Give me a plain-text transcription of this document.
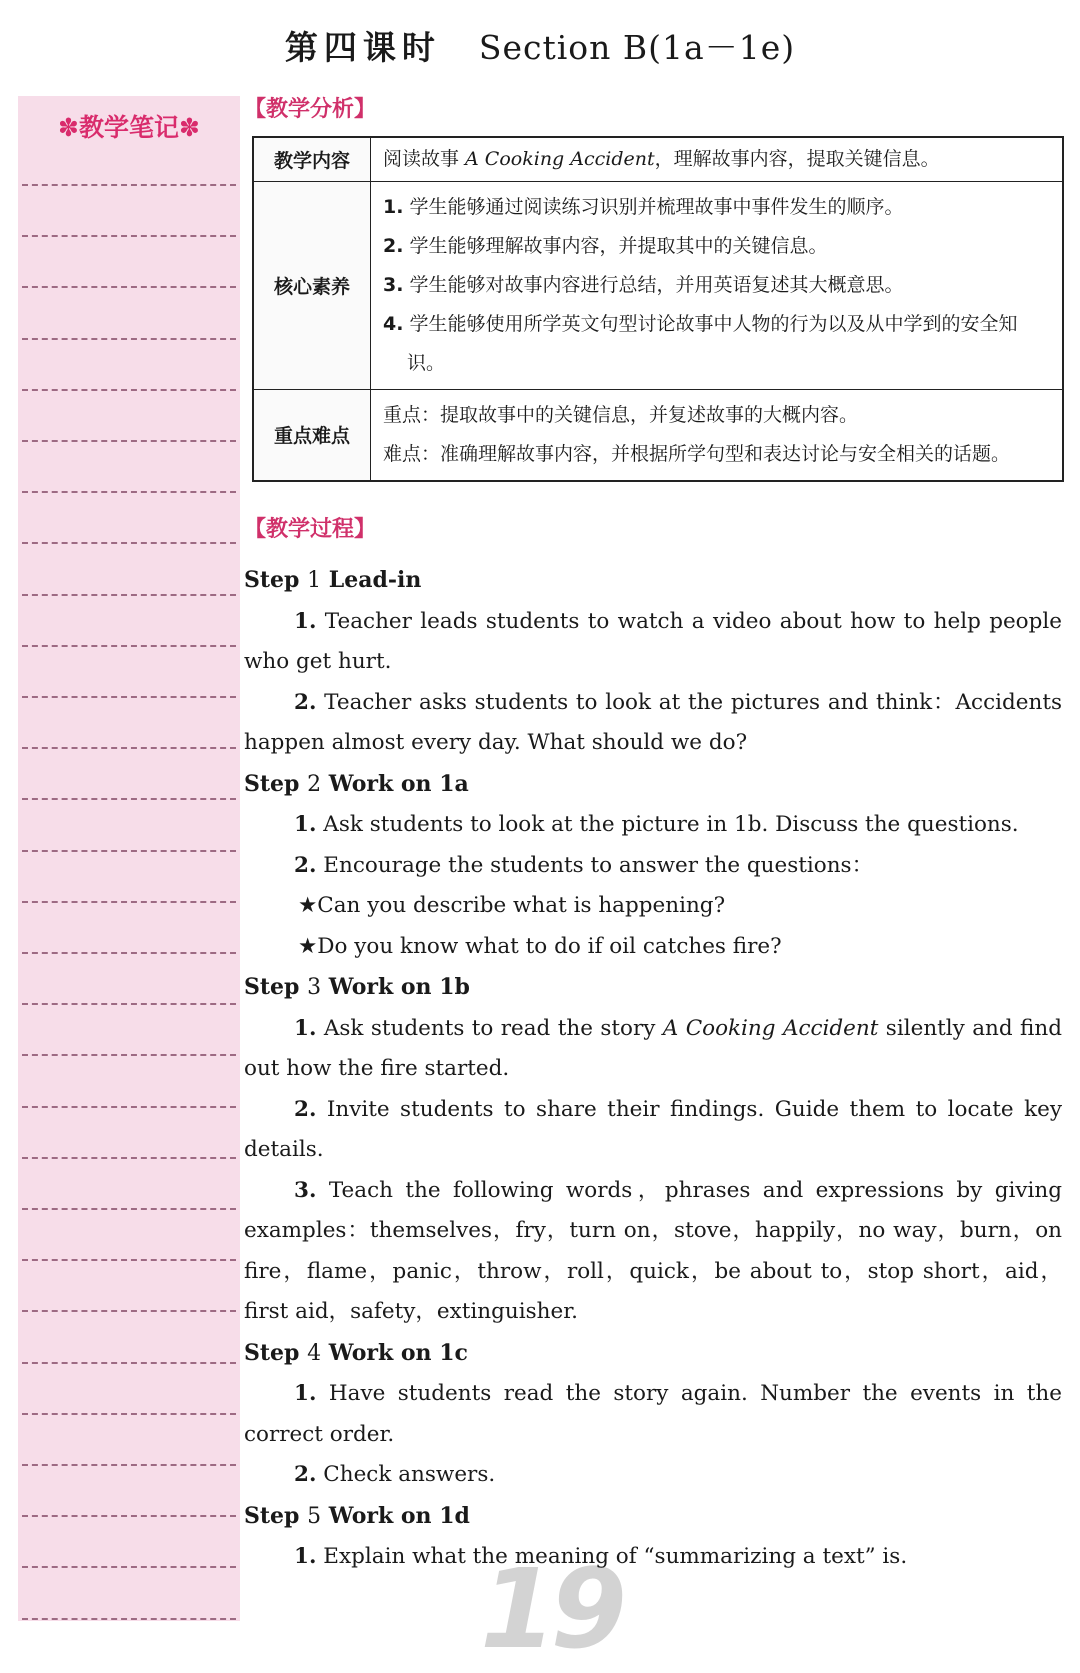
第四课时 Section B(1a－1e)
✽教学笔记✽
【教学分析】
教学内容	阅读故事 A Cooking Accident，理解故事内容，提取关键信息。
核心素养	1. 学生能够通过阅读练习识别并梳理故事中事件发生的顺序。
2. 学生能够理解故事内容，并提取其中的关键信息。
3. 学生能够对故事内容进行总结，并用英语复述其大概意思。
4. 学生能够使用所学英文句型讨论故事中人物的行为以及从中学到的安全知识。

重点难点	重点：提取故事中的关键信息，并复述故事的大概内容。
难点：准确理解故事内容，并根据所学句型和表达讨论与安全相关的话题。
【教学过程】

Step 1 Lead-in

1. Teacher leads students to watch a video about how to help people who get hurt.

2. Teacher asks students to look at the pictures and think：Accidents happen almost every day. What should we do?

Step 2 Work on 1a

1. Ask students to look at the picture in 1b. Discuss the questions.

2. Encourage the students to answer the questions：

★Can you describe what is happening?

★Do you know what to do if oil catches fire?

Step 3 Work on 1b

1. Ask students to read the story A Cooking Accident silently and find out how the fire started.

2. Invite students to share their findings. Guide them to locate key details.

3. Teach the following words，phrases and expressions by giving examples：themselves，fry，turn on，stove，happily，no way，burn，on fire，flame，panic，throw，roll，quick，be about to，stop short，aid，first aid，safety，extinguisher.

Step 4 Work on 1c

1. Have students read the story again. Number the events in the correct order.

2. Check answers.

Step 5 Work on 1d

1. Explain what the meaning of “summarizing a text” is.

19
